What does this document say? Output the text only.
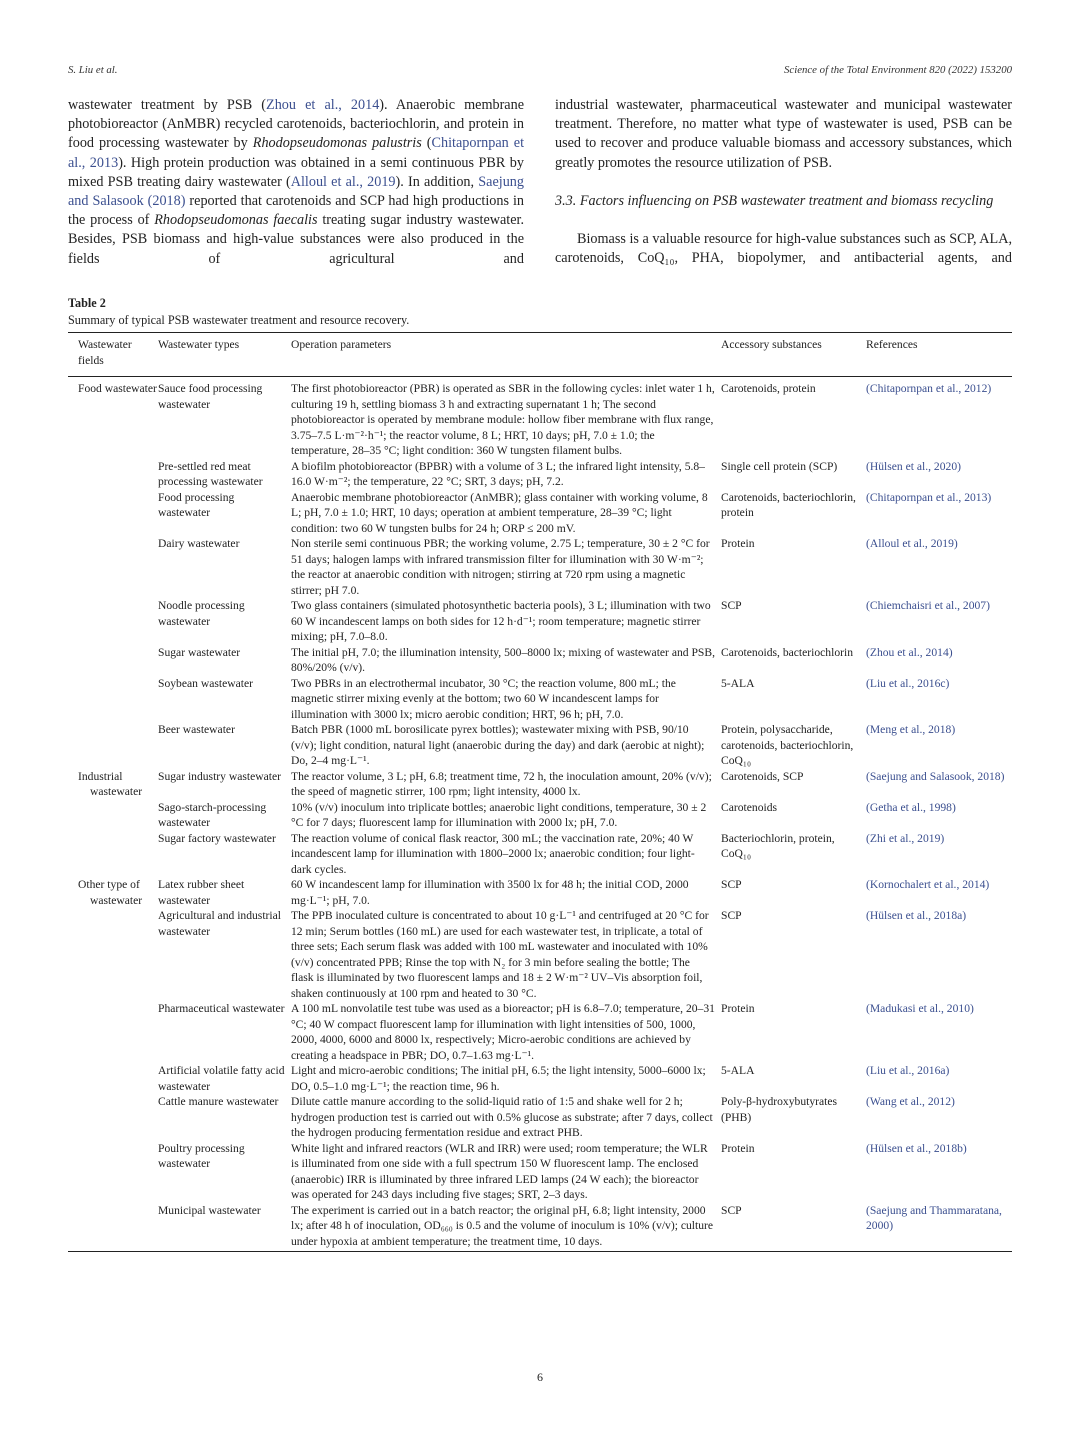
S. Liu et al.	Science of the Total Environment 820 (2022) 153200

wastewater treatment by PSB (Zhou et al., 2014). Anaerobic membrane photobioreactor (AnMBR) recycled carotenoids, bacteriochlorin, and protein in food processing wastewater by Rhodopseudomonas palustris (Chitapornpan et al., 2013). High protein production was obtained in a semi continuous PBR by mixed PSB treating dairy wastewater (Alloul et al., 2019). In addition, Saejung and Salasook (2018) reported that carotenoids and SCP had high productions in the process of Rhodopseudomonas faecalis treating sugar industry wastewater. Besides, PSB biomass and high-value substances were also produced in the fields of agricultural and

industrial wastewater, pharmaceutical wastewater and municipal wastewater treatment. Therefore, no matter what type of wastewater is used, PSB can be used to recover and produce valuable biomass and accessory substances, which greatly promotes the resource utilization of PSB.

3.3. Factors influencing on PSB wastewater treatment and biomass recycling

Biomass is a valuable resource for high-value substances such as SCP, ALA, carotenoids, CoQ₁₀, PHA, biopolymer, and antibacterial agents, and

Table 2
Summary of typical PSB wastewater treatment and resource recovery.
Wastewater fields	Wastewater types	Operation parameters	Accessory substances	References

Food wastewater	Sauce food processing wastewater	The first photobioreactor (PBR) is operated as SBR in the following cycles: inlet water 1 h, culturing 19 h, settling biomass 3 h and extracting supernatant 1 h; The second photobioreactor is operated by membrane module: hollow fiber membrane with flux range, 3.75–7.5 L·m⁻²·h⁻¹; the reactor volume, 8 L; HRT, 10 days; pH, 7.0 ± 1.0; the temperature, 28–35 °C; light condition: 360 W tungsten filament bulbs.	Carotenoids, protein	(Chitapornpan et al., 2012)

	Pre-settled red meat processing wastewater	A biofilm photobioreactor (BPBR) with a volume of 3 L; the infrared light intensity, 5.8–16.0 W·m⁻²; the temperature, 22 °C; SRT, 3 days; pH, 7.2.	Single cell protein (SCP)	(Hülsen et al., 2020)

	Food processing wastewater	Anaerobic membrane photobioreactor (AnMBR); glass container with working volume, 8 L; pH, 7.0 ± 1.0; HRT, 10 days; operation at ambient temperature, 28–39 °C; light condition: two 60 W tungsten bulbs for 24 h; ORP ≤ 200 mV.	Carotenoids, bacteriochlorin, protein	(Chitapornpan et al., 2013)

	Dairy wastewater	Non sterile semi continuous PBR; the working volume, 2.75 L; temperature, 30 ± 2 °C for 51 days; halogen lamps with infrared transmission filter for illumination with 30 W·m⁻²; the reactor at anaerobic condition with nitrogen; stirring at 720 rpm using a magnetic stirrer; pH 7.0.	Protein	(Alloul et al., 2019)

	Noodle processing wastewater	Two glass containers (simulated photosynthetic bacteria pools), 3 L; illumination with two 60 W incandescent lamps on both sides for 12 h·d⁻¹; room temperature; magnetic stirrer mixing; pH, 7.0–8.0.	SCP	(Chiemchaisri et al., 2007)

	Sugar wastewater	The initial pH, 7.0; the illumination intensity, 500–8000 lx; mixing of wastewater and PSB, 80%/20% (v/v).	Carotenoids, bacteriochlorin	(Zhou et al., 2014)

	Soybean wastewater	Two PBRs in an electrothermal incubator, 30 °C; the reaction volume, 800 mL; the magnetic stirrer mixing evenly at the bottom; two 60 W incandescent lamps for illumination with 3000 lx; micro aerobic condition; HRT, 96 h; pH, 7.0.	5-ALA	(Liu et al., 2016c)

	Beer wastewater	Batch PBR (1000 mL borosilicate pyrex bottles); wastewater mixing with PSB, 90/10 (v/v); light condition, natural light (anaerobic during the day) and dark (aerobic at night); Do, 2–4 mg·L⁻¹.	Protein, polysaccharide, carotenoids, bacteriochlorin, CoQ₁₀	(Meng et al., 2018)

Industrial wastewater	Sugar industry wastewater	The reactor volume, 3 L; pH, 6.8; treatment time, 72 h, the inoculation amount, 20% (v/v); the speed of magnetic stirrer, 100 rpm; light intensity, 4000 lx.	Carotenoids, SCP	(Saejung and Salasook, 2018)

	Sago-starch-processing wastewater	10% (v/v) inoculum into triplicate bottles; anaerobic light conditions, temperature, 30 ± 2 °C for 7 days; fluorescent lamp for illumination with 2000 lx; pH, 7.0.	Carotenoids	(Getha et al., 1998)

	Sugar factory wastewater	The reaction volume of conical flask reactor, 300 mL; the vaccination rate, 20%; 40 W incandescent lamp for illumination with 1800–2000 lx; anaerobic condition; four light-dark cycles.	Bacteriochlorin, protein, CoQ₁₀	(Zhi et al., 2019)

Other type of wastewater	Latex rubber sheet wastewater	60 W incandescent lamp for illumination with 3500 lx for 48 h; the initial COD, 2000 mg·L⁻¹; pH, 7.0.	SCP	(Kornochalert et al., 2014)

	Agricultural and industrial wastewater	The PPB inoculated culture is concentrated to about 10 g·L⁻¹ and centrifuged at 20 °C for 12 min; Serum bottles (160 mL) are used for each wastewater test, in triplicate, a total of three sets; Each serum flask was added with 100 mL wastewater and inoculated with 10% (v/v) concentrated PPB; Rinse the top with N₂ for 3 min before sealing the bottle; The flask is illuminated by two fluorescent lamps and 18 ± 2 W·m⁻² UV–Vis absorption foil, shaken continuously at 100 rpm and heated to 30 °C.	SCP	(Hülsen et al., 2018a)

	Pharmaceutical wastewater	A 100 mL nonvolatile test tube was used as a bioreactor; pH is 6.8–7.0; temperature, 20–31 °C; 40 W compact fluorescent lamp for illumination with light intensities of 500, 1000, 2000, 4000, 6000 and 8000 lx, respectively; Micro-aerobic conditions are achieved by creating a headspace in PBR; DO, 0.7–1.63 mg·L⁻¹.	Protein	(Madukasi et al., 2010)

	Artificial volatile fatty acid wastewater	Light and micro-aerobic conditions; The initial pH, 6.5; the light intensity, 5000–6000 lx; DO, 0.5–1.0 mg·L⁻¹; the reaction time, 96 h.	5-ALA	(Liu et al., 2016a)

	Cattle manure wastewater	Dilute cattle manure according to the solid-liquid ratio of 1:5 and shake well for 2 h; hydrogen production test is carried out with 0.5% glucose as substrate; after 7 days, collect the hydrogen producing fermentation residue and extract PHB.	Poly-β-hydroxybutyrates (PHB)	(Wang et al., 2012)

	Poultry processing wastewater	White light and infrared reactors (WLR and IRR) were used; room temperature; the WLR is illuminated from one side with a full spectrum 150 W fluorescent lamp. The enclosed (anaerobic) IRR is illuminated by three infrared LED lamps (24 W each); the bioreactor was operated for 243 days including five stages; SRT, 2–3 days.	Protein	(Hülsen et al., 2018b)

	Municipal wastewater	The experiment is carried out in a batch reactor; the original pH, 6.8; light intensity, 2000 lx; after 48 h of inoculation, OD₆₆₀ is 0.5 and the volume of inoculum is 10% (v/v); culture under hypoxia at ambient temperature; the treatment time, 10 days.	SCP	(Saejung and Thammaratana, 2000)
6
